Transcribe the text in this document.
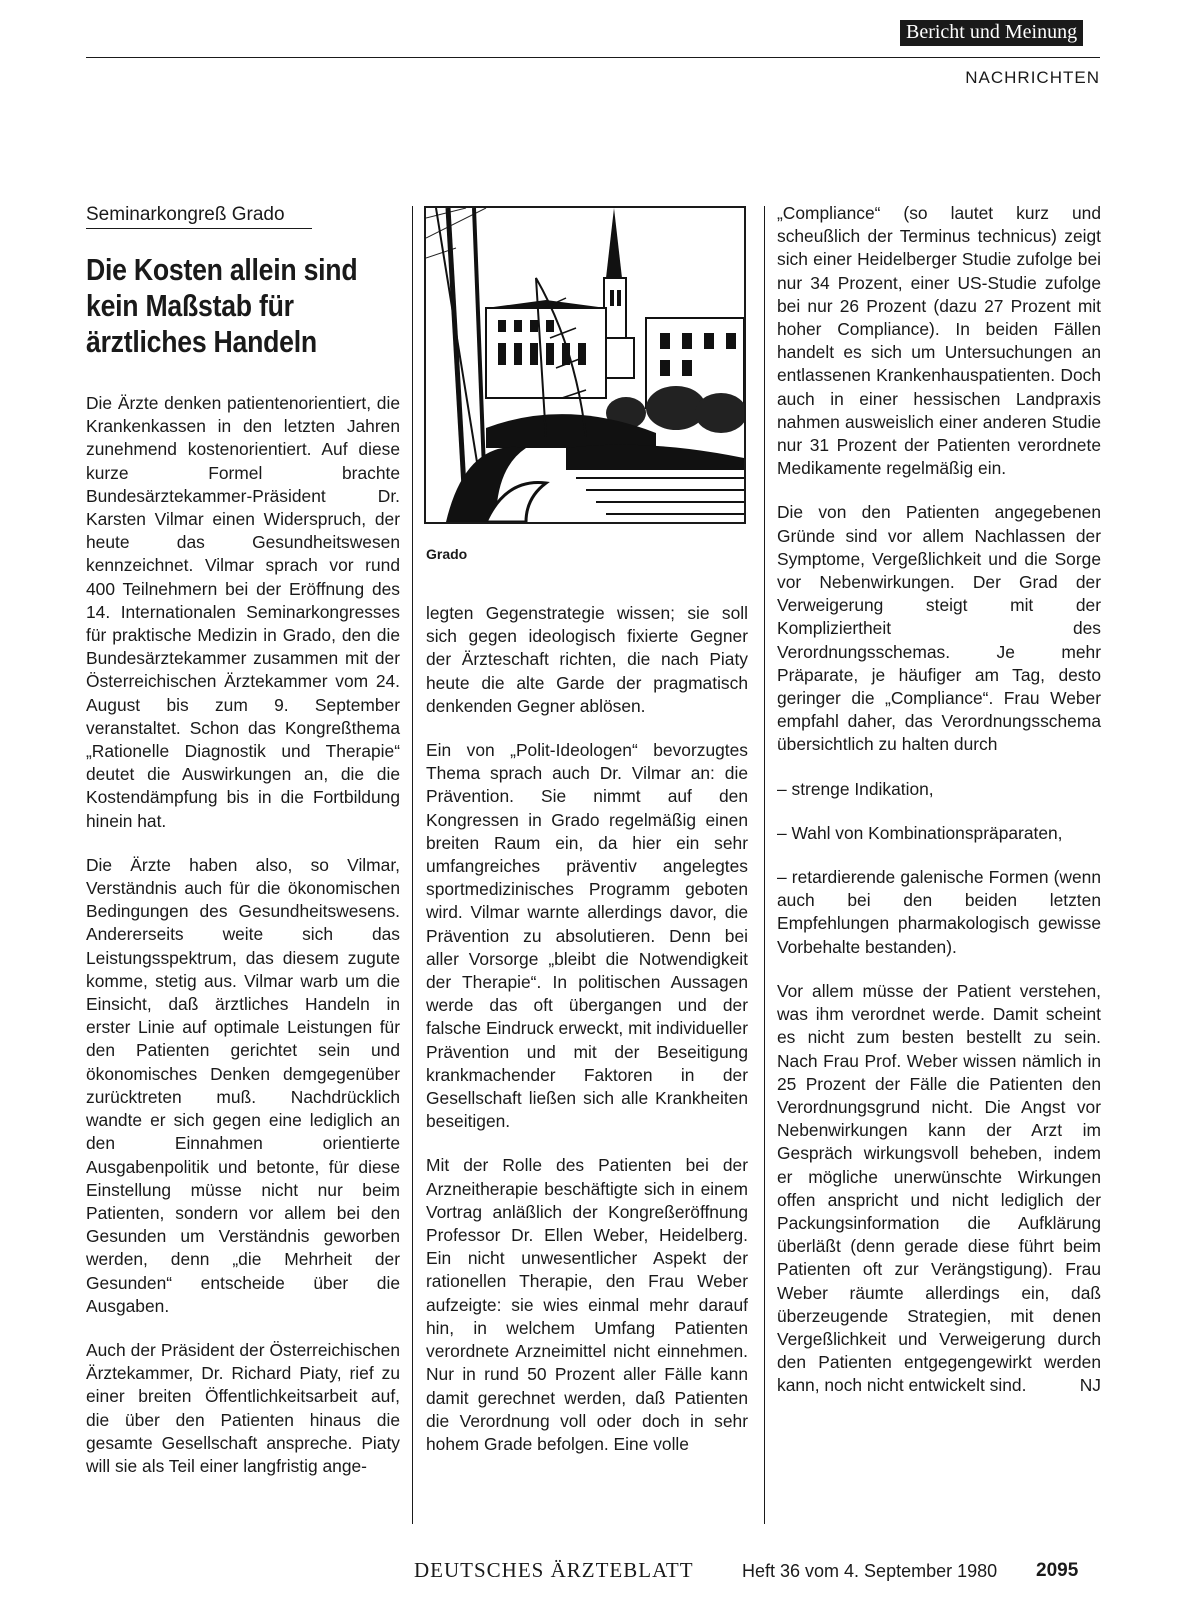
Bericht und Meinung
NACHRICHTEN
Seminarkongreß Grado
Die Kosten allein sind kein Maßstab für ärztliches Handeln

Die Ärzte denken patientenorientiert, die Krankenkassen in den letzten Jahren zunehmend kostenorientiert. Auf diese kurze Formel brachte Bundesärztekammer-Präsident Dr. Karsten Vilmar einen Widerspruch, der heute das Gesundheitswesen kennzeichnet. Vilmar sprach vor rund 400 Teilnehmern bei der Eröffnung des 14. Internationalen Seminarkongresses für praktische Medizin in Grado, den die Bundesärztekammer zusammen mit der Österreichischen Ärztekammer vom 24. August bis zum 9. September veranstaltet. Schon das Kongreßthema „Rationelle Diagnostik und Therapie“ deutet die Auswirkungen an, die die Kostendämpfung bis in die Fortbildung hinein hat.

Die Ärzte haben also, so Vilmar, Verständnis auch für die ökonomischen Bedingungen des Gesundheitswesens. Andererseits weite sich das Leistungsspektrum, das diesem zugute komme, stetig aus. Vilmar warb um die Einsicht, daß ärztliches Handeln in erster Linie auf optimale Leistungen für den Patienten gerichtet sein und ökonomisches Denken demgegenüber zurücktreten muß. Nachdrücklich wandte er sich gegen eine lediglich an den Einnahmen orientierte Ausgabenpolitik und betonte, für diese Einstellung müsse nicht nur beim Patienten, sondern vor allem bei den Gesunden um Verständnis geworben werden, denn „die Mehrheit der Gesunden“ entscheide über die Ausgaben.

Auch der Präsident der Österreichischen Ärztekammer, Dr. Richard Piaty, rief zu einer breiten Öffentlichkeitsarbeit auf, die über den Patienten hinaus die gesamte Gesellschaft anspreche. Piaty will sie als Teil einer langfristig ange-

Grado

legten Gegenstrategie wissen; sie soll sich gegen ideologisch fixierte Gegner der Ärzteschaft richten, die nach Piaty heute die alte Garde der pragmatisch denkenden Gegner ablösen.

Ein von „Polit-Ideologen“ bevorzugtes Thema sprach auch Dr. Vilmar an: die Prävention. Sie nimmt auf den Kongressen in Grado regelmäßig einen breiten Raum ein, da hier ein sehr umfangreiches präventiv angelegtes sportmedizinisches Programm geboten wird. Vilmar warnte allerdings davor, die Prävention zu absolutieren. Denn bei aller Vorsorge „bleibt die Notwendigkeit der Therapie“. In politischen Aussagen werde das oft übergangen und der falsche Eindruck erweckt, mit individueller Prävention und mit der Beseitigung krankmachender Faktoren in der Gesellschaft ließen sich alle Krankheiten beseitigen.

Mit der Rolle des Patienten bei der Arzneitherapie beschäftigte sich in einem Vortrag anläßlich der Kongreßeröffnung Professor Dr. Ellen Weber, Heidelberg. Ein nicht unwesentlicher Aspekt der rationellen Therapie, den Frau Weber aufzeigte: sie wies einmal mehr darauf hin, in welchem Umfang Patienten verordnete Arzneimittel nicht einnehmen. Nur in rund 50 Prozent aller Fälle kann damit gerechnet werden, daß Patienten die Verordnung voll oder doch in sehr hohem Grade befolgen. Eine volle

„Compliance“ (so lautet kurz und scheußlich der Terminus technicus) zeigt sich einer Heidelberger Studie zufolge bei nur 34 Prozent, einer US-Studie zufolge bei nur 26 Prozent (dazu 27 Prozent mit hoher Compliance). In beiden Fällen handelt es sich um Untersuchungen an entlassenen Krankenhauspatienten. Doch auch in einer hessischen Landpraxis nahmen ausweislich einer anderen Studie nur 31 Prozent der Patienten verordnete Medikamente regelmäßig ein.

Die von den Patienten angegebenen Gründe sind vor allem Nachlassen der Symptome, Vergeßlichkeit und die Sorge vor Nebenwirkungen. Der Grad der Verweigerung steigt mit der Kompliziertheit des Verordnungsschemas. Je mehr Präparate, je häufiger am Tag, desto geringer die „Compliance“. Frau Weber empfahl daher, das Verordnungsschema übersichtlich zu halten durch

– strenge Indikation,

– Wahl von Kombinationspräparaten,

– retardierende galenische Formen (wenn auch bei den beiden letzten Empfehlungen pharmakologisch gewisse Vorbehalte bestanden).

Vor allem müsse der Patient verstehen, was ihm verordnet werde. Damit scheint es nicht zum besten bestellt zu sein. Nach Frau Prof. Weber wissen nämlich in 25 Prozent der Fälle die Patienten den Verordnungsgrund nicht. Die Angst vor Nebenwirkungen kann der Arzt im Gespräch wirkungsvoll beheben, indem er mögliche unerwünschte Wirkungen offen anspricht und nicht lediglich der Packungsinformation die Aufklärung überläßt (denn gerade diese führt beim Patienten oft zur Verängstigung). Frau Weber räumte allerdings ein, daß überzeugende Strategien, mit denen Vergeßlichkeit und Verweigerung durch den Patienten entgegengewirkt werden kann, noch nicht entwickelt sind.	NJ

DEUTSCHES ÄRZTEBLATT	Heft 36 vom 4. September 1980 2095
